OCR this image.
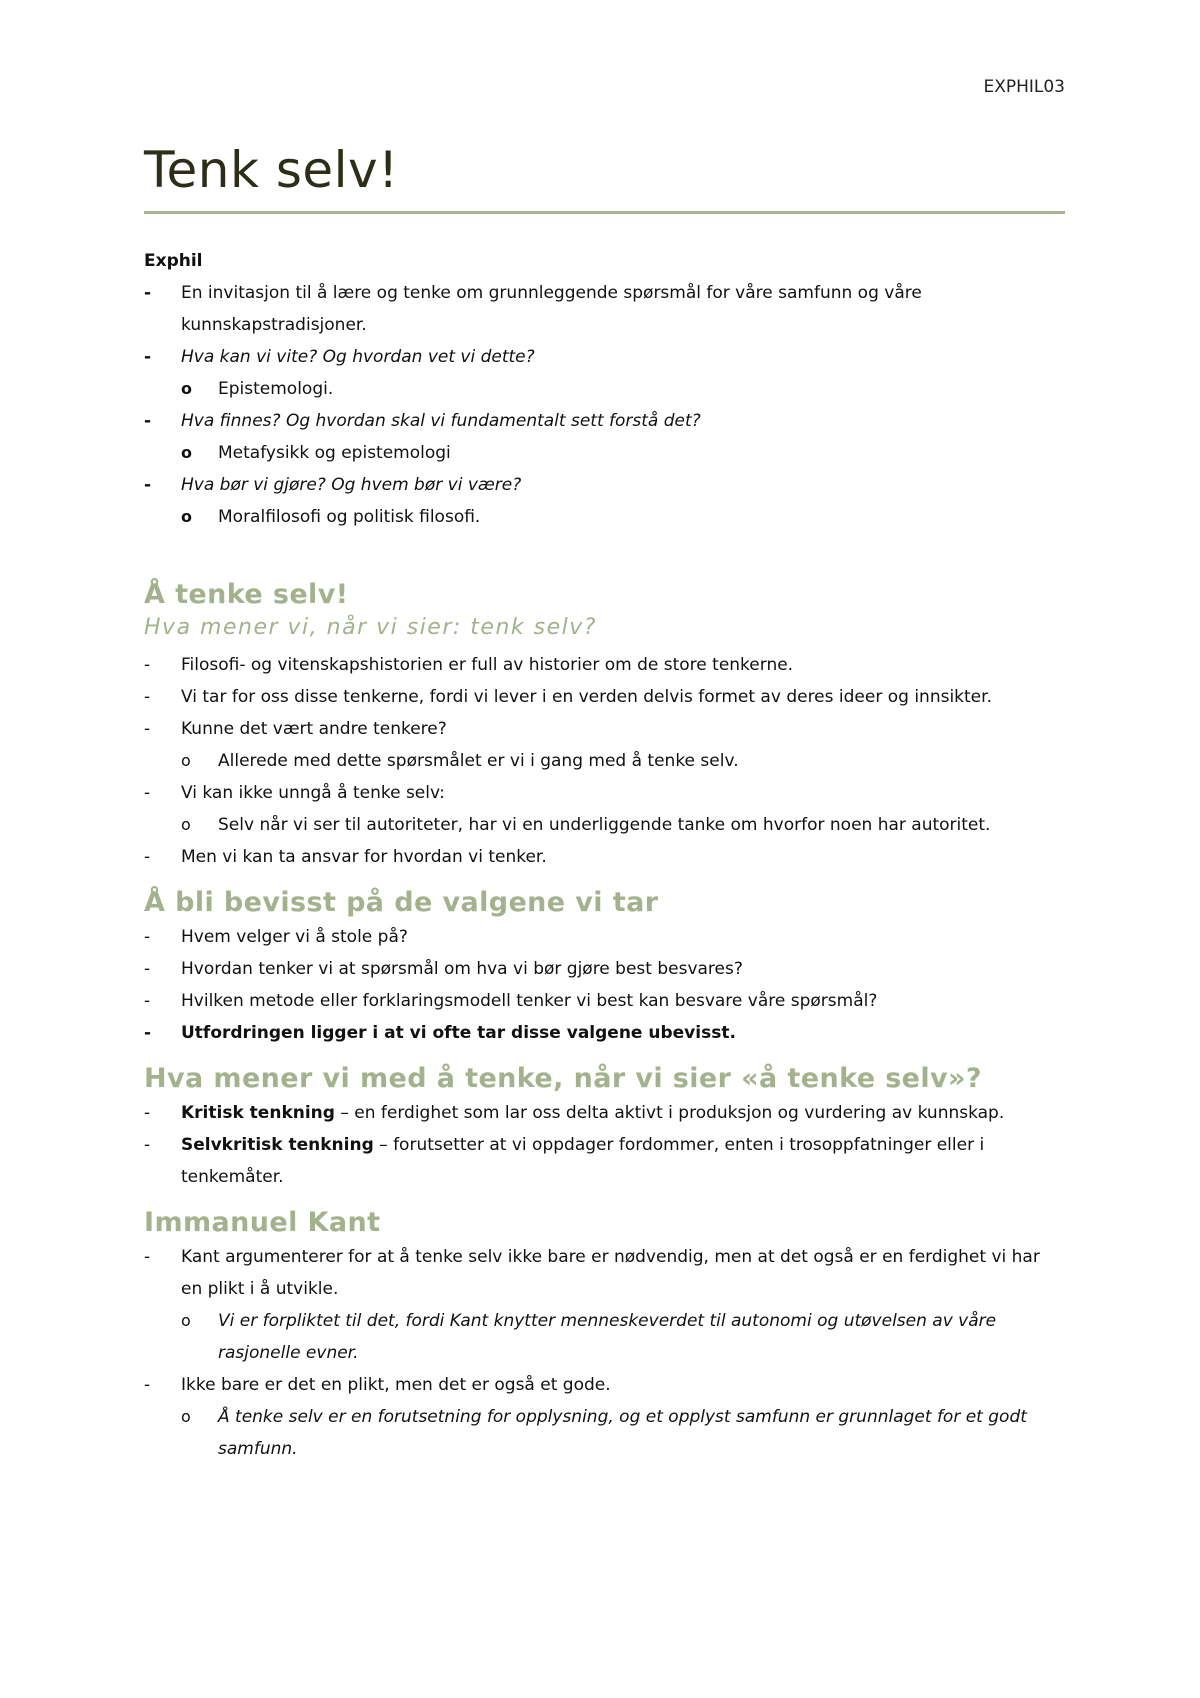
EXPHIL03
Tenk selv!

Exphil

-	En invitasjon til å lære og tenke om grunnleggende spørsmål for våre samfunn og våre kunnskapstradisjoner.
-	Hva kan vi vite? Og hvordan vet vi dette?
o	Epistemologi.
-	Hva finnes? Og hvordan skal vi fundamentalt sett forstå det?
o	Metafysikk og epistemologi
-	Hva bør vi gjøre? Og hvem bør vi være?
o	Moralfilosofi og politisk filosofi.
Å tenke selv!

Hva mener vi, når vi sier: tenk selv?

-	Filosofi- og vitenskapshistorien er full av historier om de store tenkerne.
-	Vi tar for oss disse tenkerne, fordi vi lever i en verden delvis formet av deres ideer og innsikter.
-	Kunne det vært andre tenkere?
o	Allerede med dette spørsmålet er vi i gang med å tenke selv.
-	Vi kan ikke unngå å tenke selv:
o	Selv når vi ser til autoriteter, har vi en underliggende tanke om hvorfor noen har autoritet.
-	Men vi kan ta ansvar for hvordan vi tenker.
Å bli bevisst på de valgene vi tar
-	Hvem velger vi å stole på?
-	Hvordan tenker vi at spørsmål om hva vi bør gjøre best besvares?
-	Hvilken metode eller forklaringsmodell tenker vi best kan besvare våre spørsmål?
-	Utfordringen ligger i at vi ofte tar disse valgene ubevisst.
Hva mener vi med å tenke, når vi sier «å tenke selv»?
-	Kritisk tenkning – en ferdighet som lar oss delta aktivt i produksjon og vurdering av kunnskap.
-	Selvkritisk tenkning – forutsetter at vi oppdager fordommer, enten i trosoppfatninger eller i tenkemåter.
Immanuel Kant
-	Kant argumenterer for at å tenke selv ikke bare er nødvendig, men at det også er en ferdighet vi har en plikt i å utvikle.
o	Vi er forpliktet til det, fordi Kant knytter menneskeverdet til autonomi og utøvelsen av våre rasjonelle evner.
-	Ikke bare er det en plikt, men det er også et gode.
o	Å tenke selv er en forutsetning for opplysning, og et opplyst samfunn er grunnlaget for et godt samfunn.
